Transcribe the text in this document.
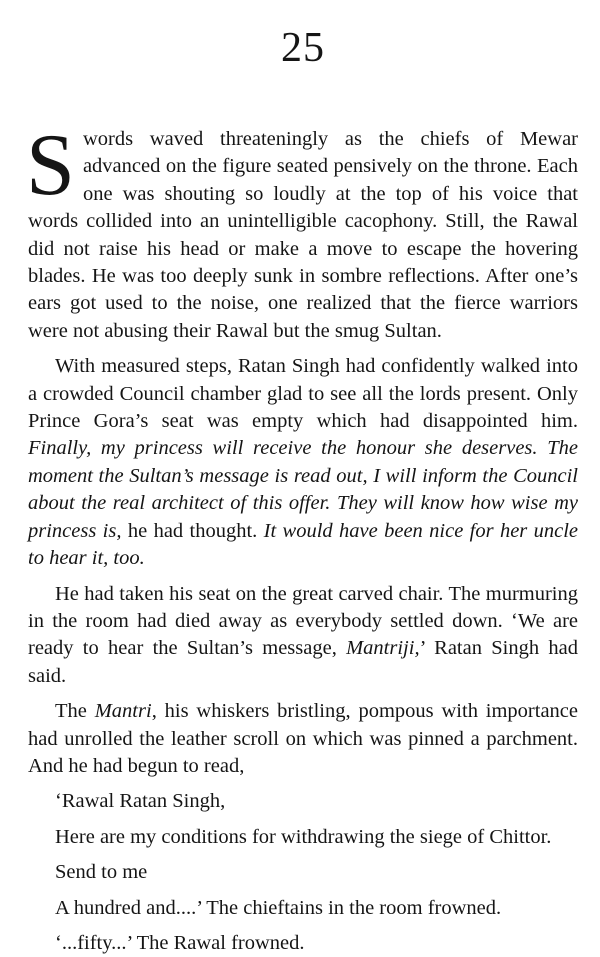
25

Swords waved threateningly as the chiefs of Mewar advanced on the figure seated pensively on the throne. Each one was shouting so loudly at the top of his voice that words collided into an unintelligible cacophony. Still, the Rawal did not raise his head or make a move to escape the hovering blades. He was too deeply sunk in sombre reflections. After one’s ears got used to the noise, one realized that the fierce warriors were not abusing their Rawal but the smug Sultan.

With measured steps, Ratan Singh had confidently walked into a crowded Council chamber glad to see all the lords present. Only Prince Gora’s seat was empty which had disappointed him. Finally, my princess will receive the honour she deserves. The moment the Sultan’s message is read out, I will inform the Council about the real architect of this offer. They will know how wise my princess is, he had thought. It would have been nice for her uncle to hear it, too.

He had taken his seat on the great carved chair. The murmuring in the room had died away as everybody settled down. ‘We are ready to hear the Sultan’s message, Mantriji,’ Ratan Singh had said.

The Mantri, his whiskers bristling, pompous with importance had unrolled the leather scroll on which was pinned a parchment. And he had begun to read,

‘Rawal Ratan Singh,

Here are my conditions for withdrawing the siege of Chittor.

Send to me

A hundred and....’ The chieftains in the room frowned.

‘...fifty...’ The Rawal frowned.
